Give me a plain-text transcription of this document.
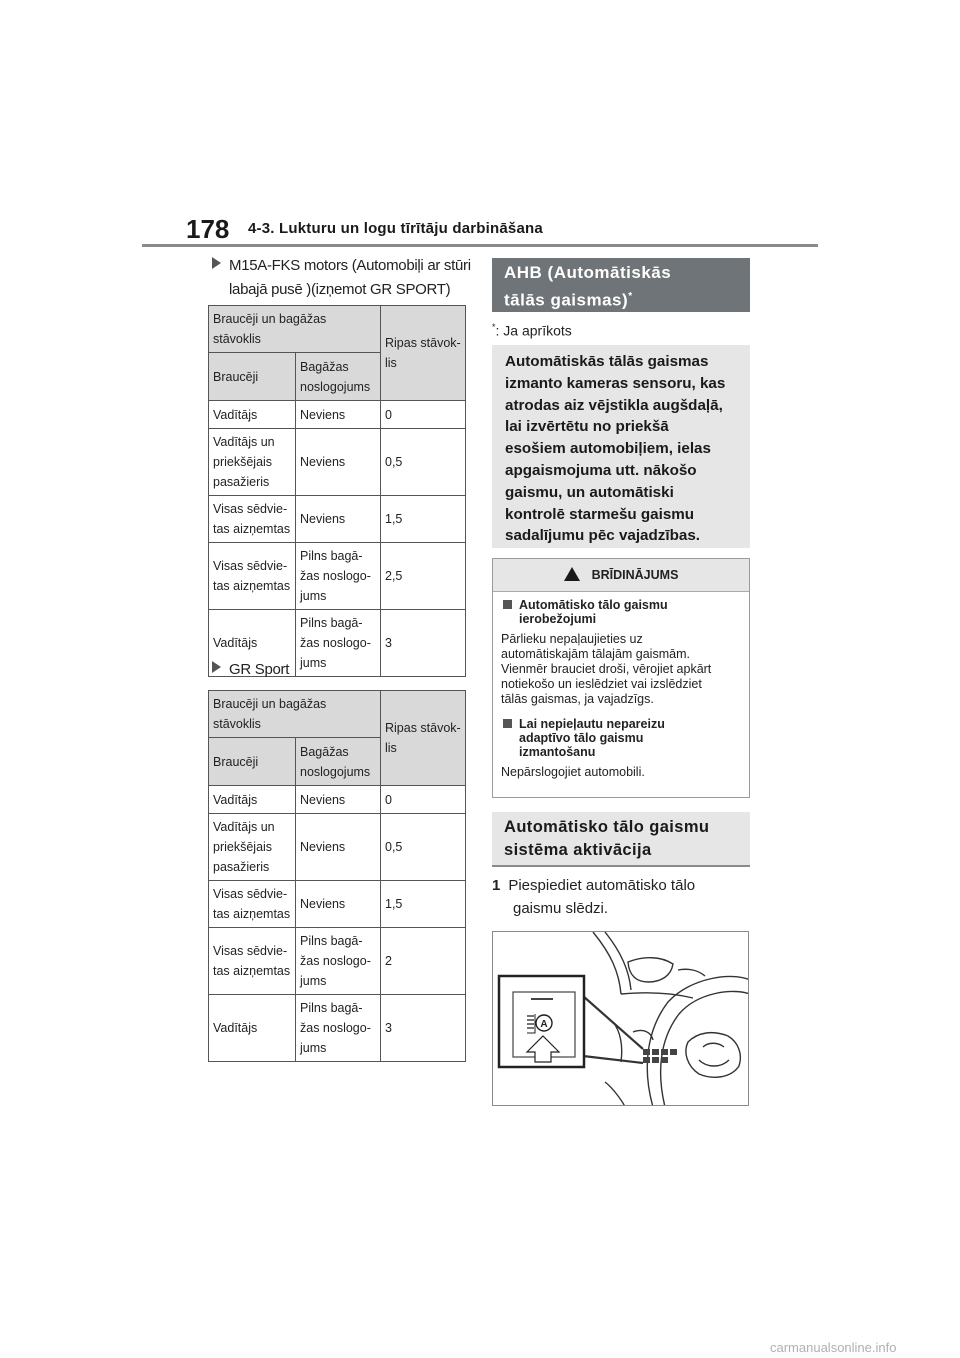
178 4-3. Lukturu un logu tīrītāju darbināšana
M15A-FKS motors (Automobiļi ar stūri
labajā pusē )(izņemot GR SPORT)
Braucēji un bagāžas stāvoklis		Ripas stāvok-
lis
Braucēji	Bagāžas
noslogojums	
Vadītājs	Neviens	0
Vadītājs un
priekšējais
pasažieris	Neviens	0,5
Visas sēdvie-
tas aizņemtas	Neviens	1,5
Visas sēdvie-
tas aizņemtas	Pilns bagā-
žas noslogo-
jums	2,5
Vadītājs	Pilns bagā-
žas noslogo-
jums	3
GR Sport
Braucēji un bagāžas stāvoklis		Ripas stāvok-
lis
Braucēji	Bagāžas
noslogojums	
Vadītājs	Neviens	0
Vadītājs un
priekšējais
pasažieris	Neviens	0,5
Visas sēdvie-
tas aizņemtas	Neviens	1,5
Visas sēdvie-
tas aizņemtas	Pilns bagā-
žas noslogo-
jums	2
Vadītājs	Pilns bagā-
žas noslogo-
jums	3
AHB (Automātiskās
tālās gaismas)*
*: Ja aprīkots
Automātiskās tālās gaismas
izmanto kameras sensoru, kas
atrodas aiz vējstikla augšdaļā,
lai izvērtētu no priekšā
esošiem automobiļiem, ielas
apgaismojuma utt. nākošo
gaismu, un automātiski
kontrolē starmešu gaismu
sadalījumu pēc vajadzības.
BRĪDINĀJUMS
Automātisko tālo gaismu
ierobežojumi
Pārlieku nepaļaujieties uz
automātiskajām tālajām gaismām.
Vienmēr brauciet droši, vērojiet apkārt
notiekošo un ieslēdziet vai izslēdziet
tālās gaismas, ja vajadzīgs.
Lai nepieļautu nepareizu
adaptīvo tālo gaismu
izmantošanu
Nepārslogojiet automobili.
Automātisko tālo gaismu
sistēma aktivācija
1 Piespiediet automātisko tālo
gaismu slēdzi.
A
carmanualsonline.info
